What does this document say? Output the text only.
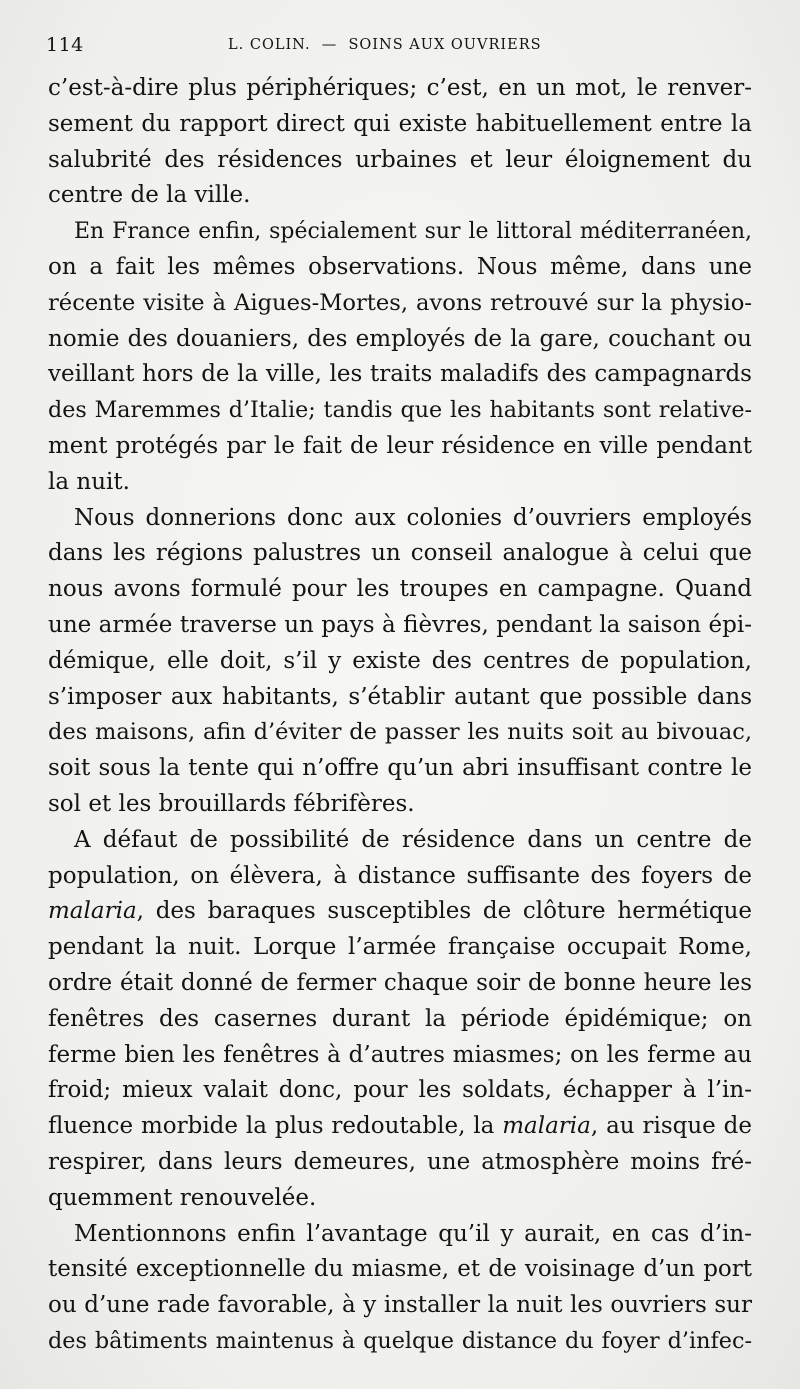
114	L. COLIN.  —  SOINS AUX OUVRIERS
c’est-à-dire plus périphériques; c’est, en un mot, le renver-
sement du rapport direct qui existe habituellement entre la
salubrité des résidences urbaines et leur éloignement du
centre de la ville.
En France enfin, spécialement sur le littoral méditerranéen,
on a fait les mêmes observations. Nous même, dans une
récente visite à Aigues-Mortes, avons retrouvé sur la physio-
nomie des douaniers, des employés de la gare, couchant ou
veillant hors de la ville, les traits maladifs des campagnards
des Maremmes d’Italie; tandis que les habitants sont relative-
ment protégés par le fait de leur résidence en ville pendant
la nuit.
Nous donnerions donc aux colonies d’ouvriers employés
dans les régions palustres un conseil analogue à celui que
nous avons formulé pour les troupes en campagne. Quand
une armée traverse un pays à fièvres, pendant la saison épi-
démique, elle doit, s’il y existe des centres de population,
s’imposer aux habitants, s’établir autant que possible dans
des maisons, afin d’éviter de passer les nuits soit au bivouac,
soit sous la tente qui n’offre qu’un abri insuffisant contre le
sol et les brouillards fébrifères.
A défaut de possibilité de résidence dans un centre de
population, on élèvera, à distance suffisante des foyers de
malaria, des baraques susceptibles de clôture hermétique
pendant la nuit. Lorque l’armée française occupait Rome,
ordre était donné de fermer chaque soir de bonne heure les
fenêtres des casernes durant la période épidémique; on
ferme bien les fenêtres à d’autres miasmes; on les ferme au
froid; mieux valait donc, pour les soldats, échapper à l’in-
fluence morbide la plus redoutable, la malaria, au risque de
respirer, dans leurs demeures, une atmosphère moins fré-
quemment renouvelée.
Mentionnons enfin l’avantage qu’il y aurait, en cas d’in-
tensité exceptionnelle du miasme, et de voisinage d’un port
ou d’une rade favorable, à y installer la nuit les ouvriers sur
des bâtiments maintenus à quelque distance du foyer d’infec-
